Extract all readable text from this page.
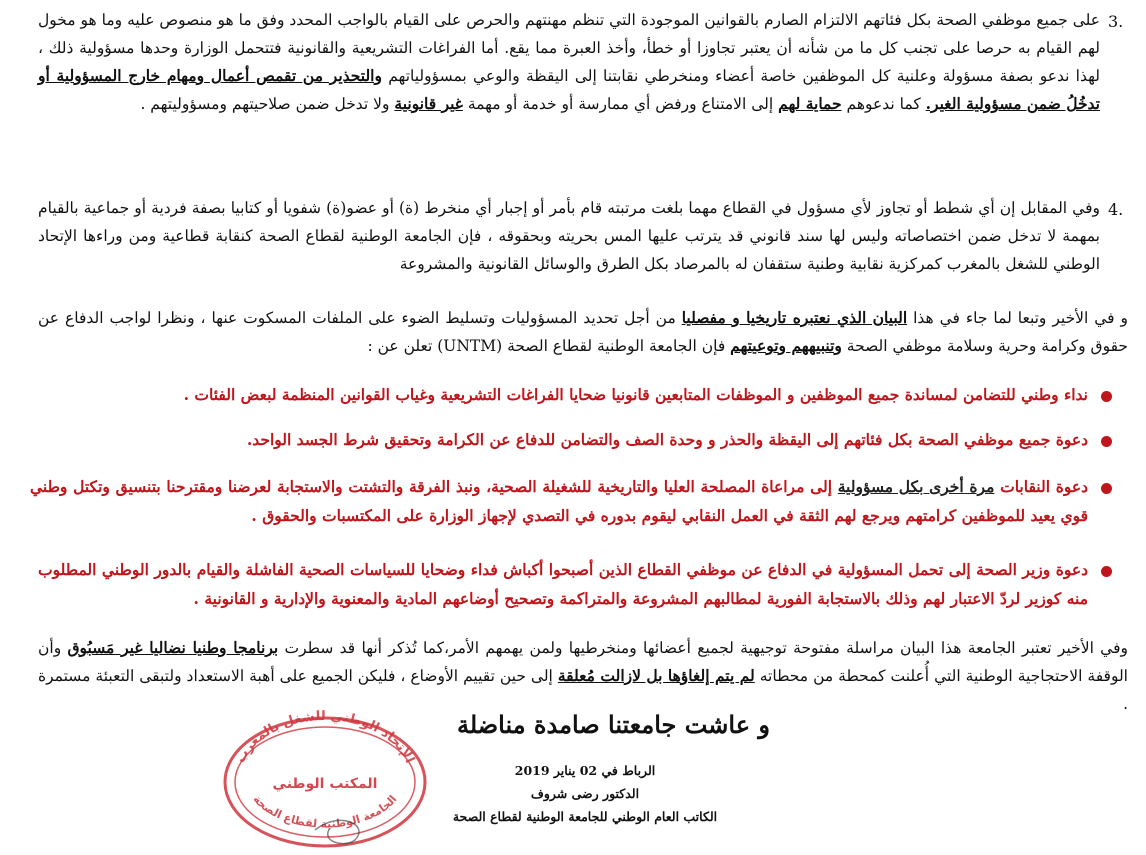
3.
على جميع موظفي الصحة بكل فئاتهم الالتزام الصارم بالقوانين الموجودة التي تنظم مهنتهم والحرص على القيام بالواجب المحدد وفق ما هو منصوص عليه وما هو مخول لهم القيام به حرصا على تجنب كل ما من شأنه أن يعتبر تجاوزا أو خطأ، وأخذ العبرة مما يقع. أما الفراغات التشريعية والقانونية فتتحمل الوزارة وحدها مسؤولية ذلك ، لهذا ندعو بصفة مسؤولة وعلنية كل الموظفين خاصة أعضاء ومنخرطي نقابتنا إلى اليقظة والوعي بمسؤولياتهم والتحذير من تقمص أعمال ومهام خارج المسؤولية أو تدخُلُ ضمن مسؤولية الغير. كما ندعوهم حماية لهم إلى الامتناع ورفض أي ممارسة أو خدمة أو مهمة غير قانونية ولا تدخل ضمن صلاحيتهم ومسؤوليتهم .
4.
وفي المقابل إن أي شطط أو تجاوز لأي مسؤول في القطاع مهما بلغت مرتبته قام بأمر أو إجبار أي منخرط (ة) أو عضو(ة) شفويا أو كتابيا بصفة فردية أو جماعية بالقيام بمهمة لا تدخل ضمن اختصاصاته وليس لها سند قانوني قد يترتب عليها المس بحريته وبحقوقه ، فإن الجامعة الوطنية لقطاع الصحة كنقابة قطاعية ومن وراءها الإتحاد الوطني للشغل بالمغرب كمركزية نقابية وطنية ستقفان له بالمرصاد بكل الطرق والوسائل القانونية والمشروعة
و في الأخير وتبعا لما جاء في هذا البيان الذي نعتبره تاريخيا و مفصليا من أجل تحديد المسؤوليات وتسليط الضوء على الملفات المسكوت عنها ، ونظرا لواجب الدفاع عن حقوق وكرامة وحرية وسلامة موظفي الصحة وتنبيههم وتوعيتهم فإن الجامعة الوطنية لقطاع الصحة (UNTM) تعلن عن :
نداء وطني للتضامن لمساندة جميع الموظفين و الموظفات المتابعين قانونيا ضحايا الفراغات التشريعية وغياب القوانين المنظمة لبعض الفئات .
دعوة جميع موظفي الصحة بكل فئاتهم إلى اليقظة والحذر و وحدة الصف والتضامن للدفاع عن الكرامة وتحقيق شرط الجسد الواحد.
دعوة النقابات مرة أخرى بكل مسؤولية إلى مراعاة المصلحة العليا والتاريخية للشغيلة الصحية، ونبذ الفرقة والتشتت والاستجابة لعرضنا ومقترحنا بتنسيق وتكتل وطني قوي يعيد للموظفين كرامتهم ويرجع لهم الثقة في العمل النقابي ليقوم بدوره في التصدي لإجهاز الوزارة على المكتسبات والحقوق .
دعوة وزير الصحة إلى تحمل المسؤولية في الدفاع عن موظفي القطاع الذين أصبحوا أكباش فداء وضحايا للسياسات الصحية الفاشلة والقيام بالدور الوطني المطلوب منه كوزير لردّ الاعتبار لهم وذلك بالاستجابة الفورية لمطالبهم المشروعة والمتراكمة وتصحيح أوضاعهم المادية والمعنوية والإدارية و القانونية .
وفي الأخير تعتبر الجامعة هذا البيان مراسلة مفتوحة توجيهية لجميع أعضائها ومنخرطيها ولمن يهمهم الأمر،كما تُذكر أنها قد سطرت برنامجا وطنيا نضاليا غير مَسبُوق وأن الوقفة الاحتجاجية الوطنية التي أُعلنت كمحطة من محطاته لم يتم إلغاؤها بل لازالت مُعلقة إلى حين تقييم الأوضاع ، فليكن الجميع على أهبة الاستعداد ولتبقى التعبئة مستمرة .
و عاشت جامعتنا صامدة مناضلة
الرباط في 02 يناير 2019
الدكتور رضى شروف
الكاتب العام الوطني للجامعة الوطنية لقطاع الصحة
الإتحاد الوطني للشغل بالمغرب
المكتب الوطني
الجامعة الوطنية لقطاع الصحة
